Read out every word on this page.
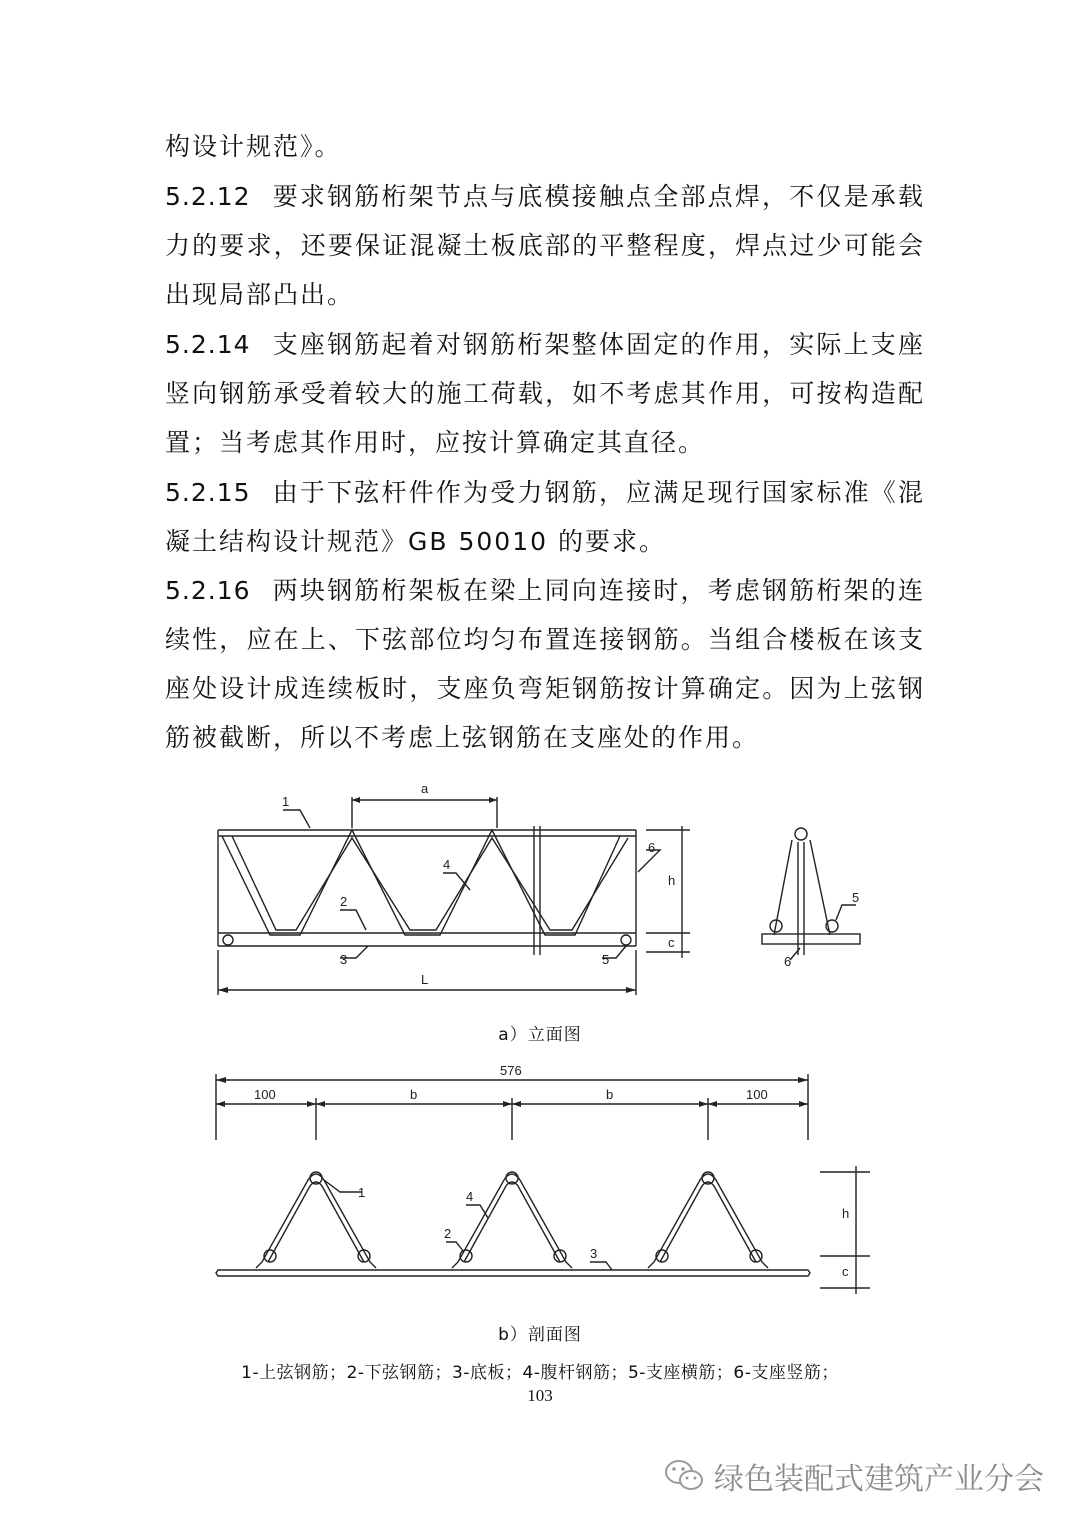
构设计规范》。
5.2.12 要求钢筋桁架节点与底模接触点全部点焊，不仅是承载力的要求，还要保证混凝土板底部的平整程度，焊点过少可能会出现局部凸出。
5.2.14 支座钢筋起着对钢筋桁架整体固定的作用，实际上支座竖向钢筋承受着较大的施工荷载，如不考虑其作用，可按构造配置；当考虑其作用时，应按计算确定其直径。
5.2.15 由于下弦杆件作为受力钢筋，应满足现行国家标准《混凝土结构设计规范》GB 50010 的要求。
5.2.16 两块钢筋桁架板在梁上同向连接时，考虑钢筋桁架的连续性，应在上、下弦部位均匀布置连接钢筋。当组合楼板在该支座处设计成连续板时，支座负弯矩钢筋按计算确定。因为上弦钢筋被截断，所以不考虑上弦钢筋在支座处的作用。
1
2
3
4
5
6
a
h
c
L
5
6
a）立面图
576
100	b	b	100
1	4
2
3
h
c
b）剖面图
1-上弦钢筋；2-下弦钢筋；3-底板；4-腹杆钢筋；5-支座横筋；6-支座竖筋；
103
绿色装配式建筑产业分会
